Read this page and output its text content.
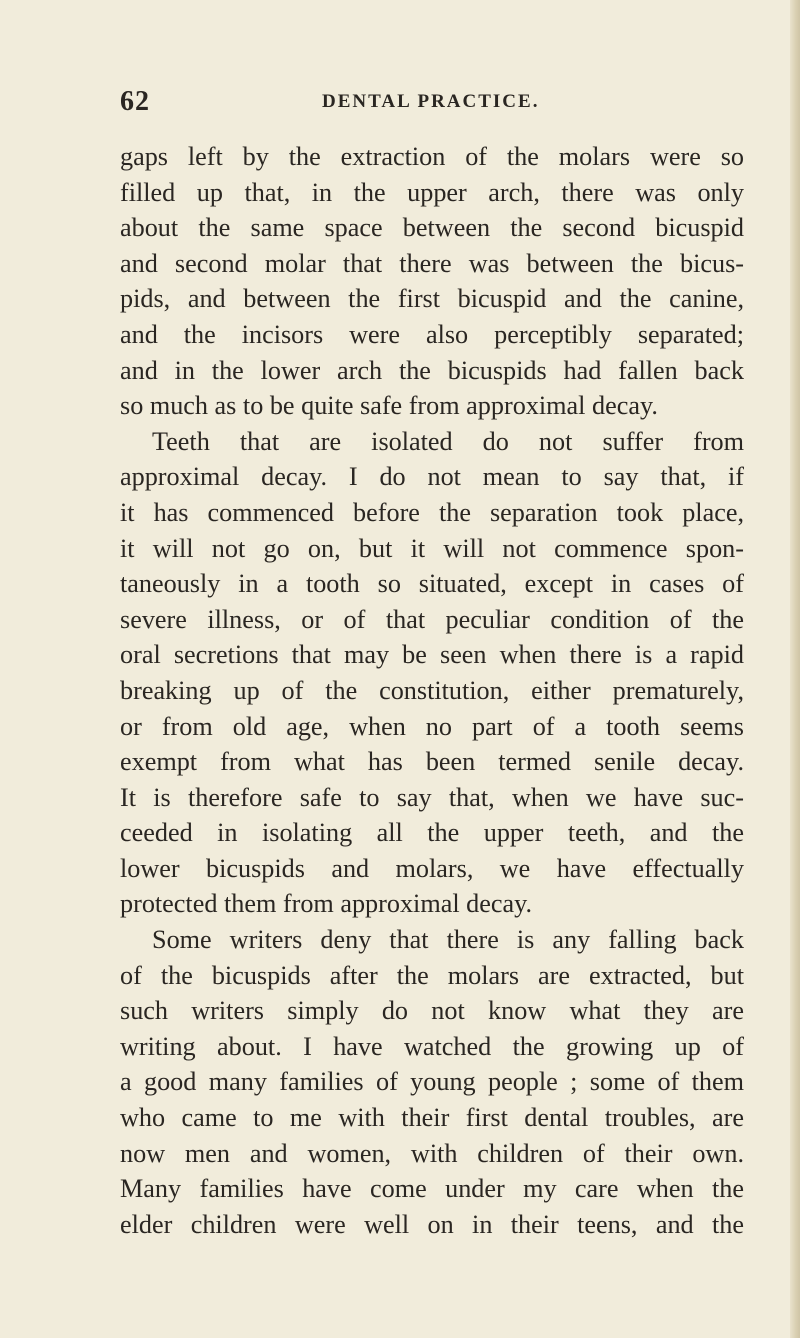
62	DENTAL PRACTICE.
gaps left by the extraction of the molars were so
filled up that, in the upper arch, there was only
about the same space between the second bicuspid
and second molar that there was between the bicus-
pids, and between the first bicuspid and the canine,
and the incisors were also perceptibly separated;
and in the lower arch the bicuspids had fallen back
so much as to be quite safe from approximal decay.
Teeth that are isolated do not suffer from
approximal decay. I do not mean to say that, if
it has commenced before the separation took place,
it will not go on, but it will not commence spon-
taneously in a tooth so situated, except in cases of
severe illness, or of that peculiar condition of the
oral secretions that may be seen when there is a rapid
breaking up of the constitution, either prematurely,
or from old age, when no part of a tooth seems
exempt from what has been termed senile decay.
It is therefore safe to say that, when we have suc-
ceeded in isolating all the upper teeth, and the
lower bicuspids and molars, we have effectually
protected them from approximal decay.
Some writers deny that there is any falling back
of the bicuspids after the molars are extracted, but
such writers simply do not know what they are
writing about. I have watched the growing up of
a good many families of young people ; some of them
who came to me with their first dental troubles, are
now men and women, with children of their own.
Many families have come under my care when the
elder children were well on in their teens, and the
